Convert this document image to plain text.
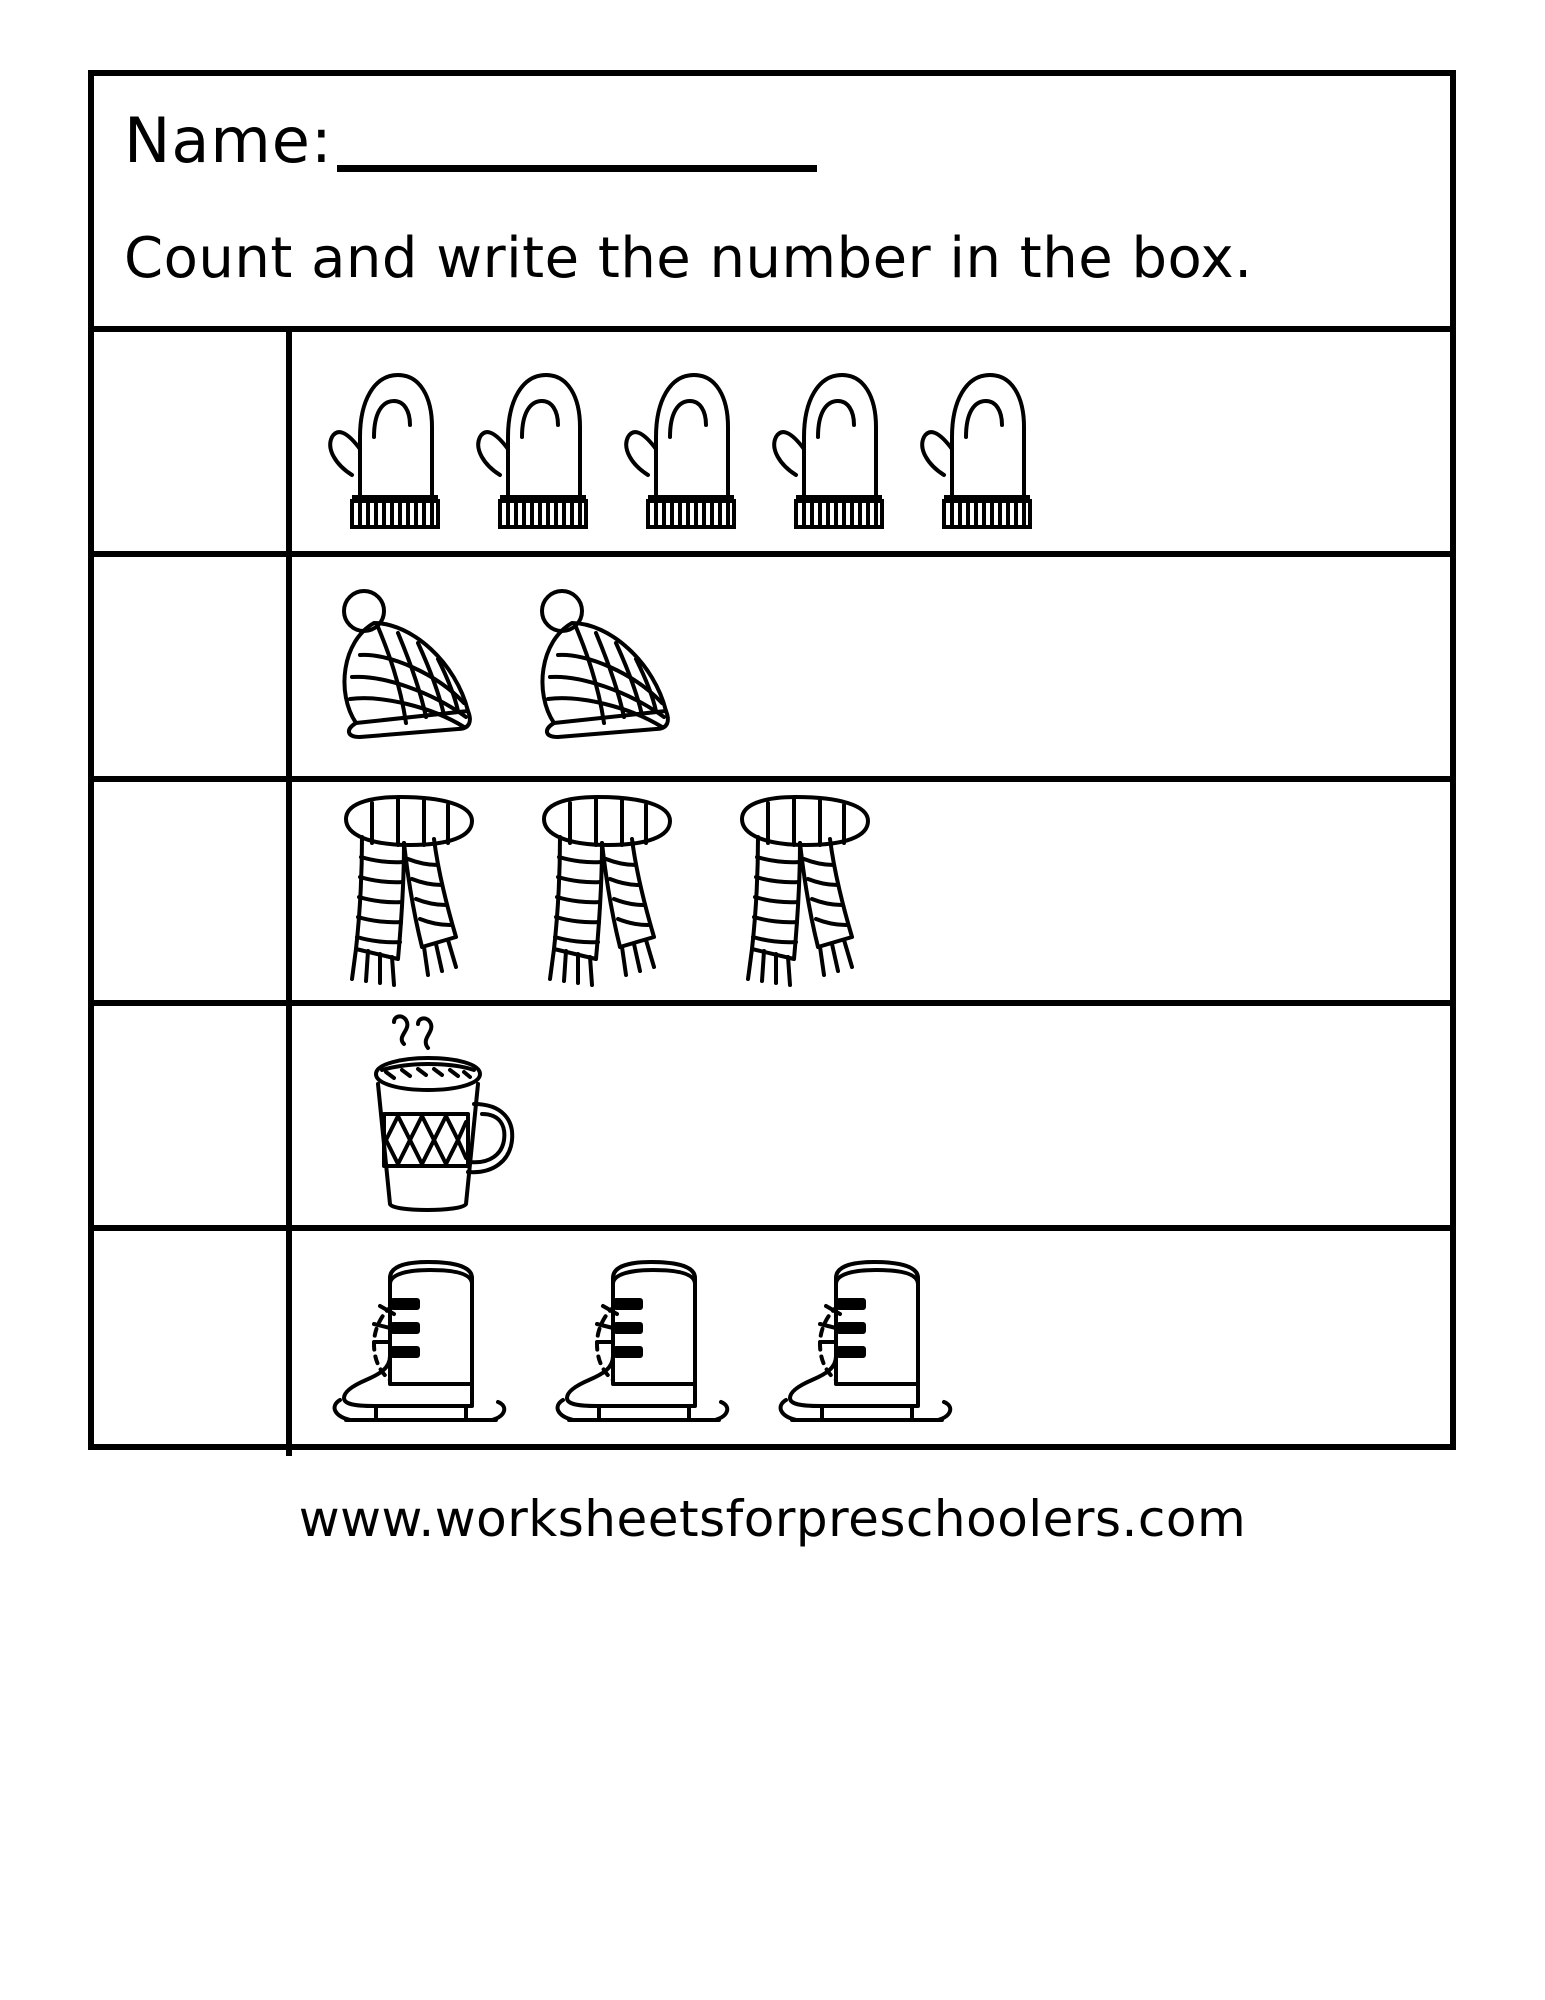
Name:
Count and write the number in the box.
www.worksheetsforpreschoolers.com
